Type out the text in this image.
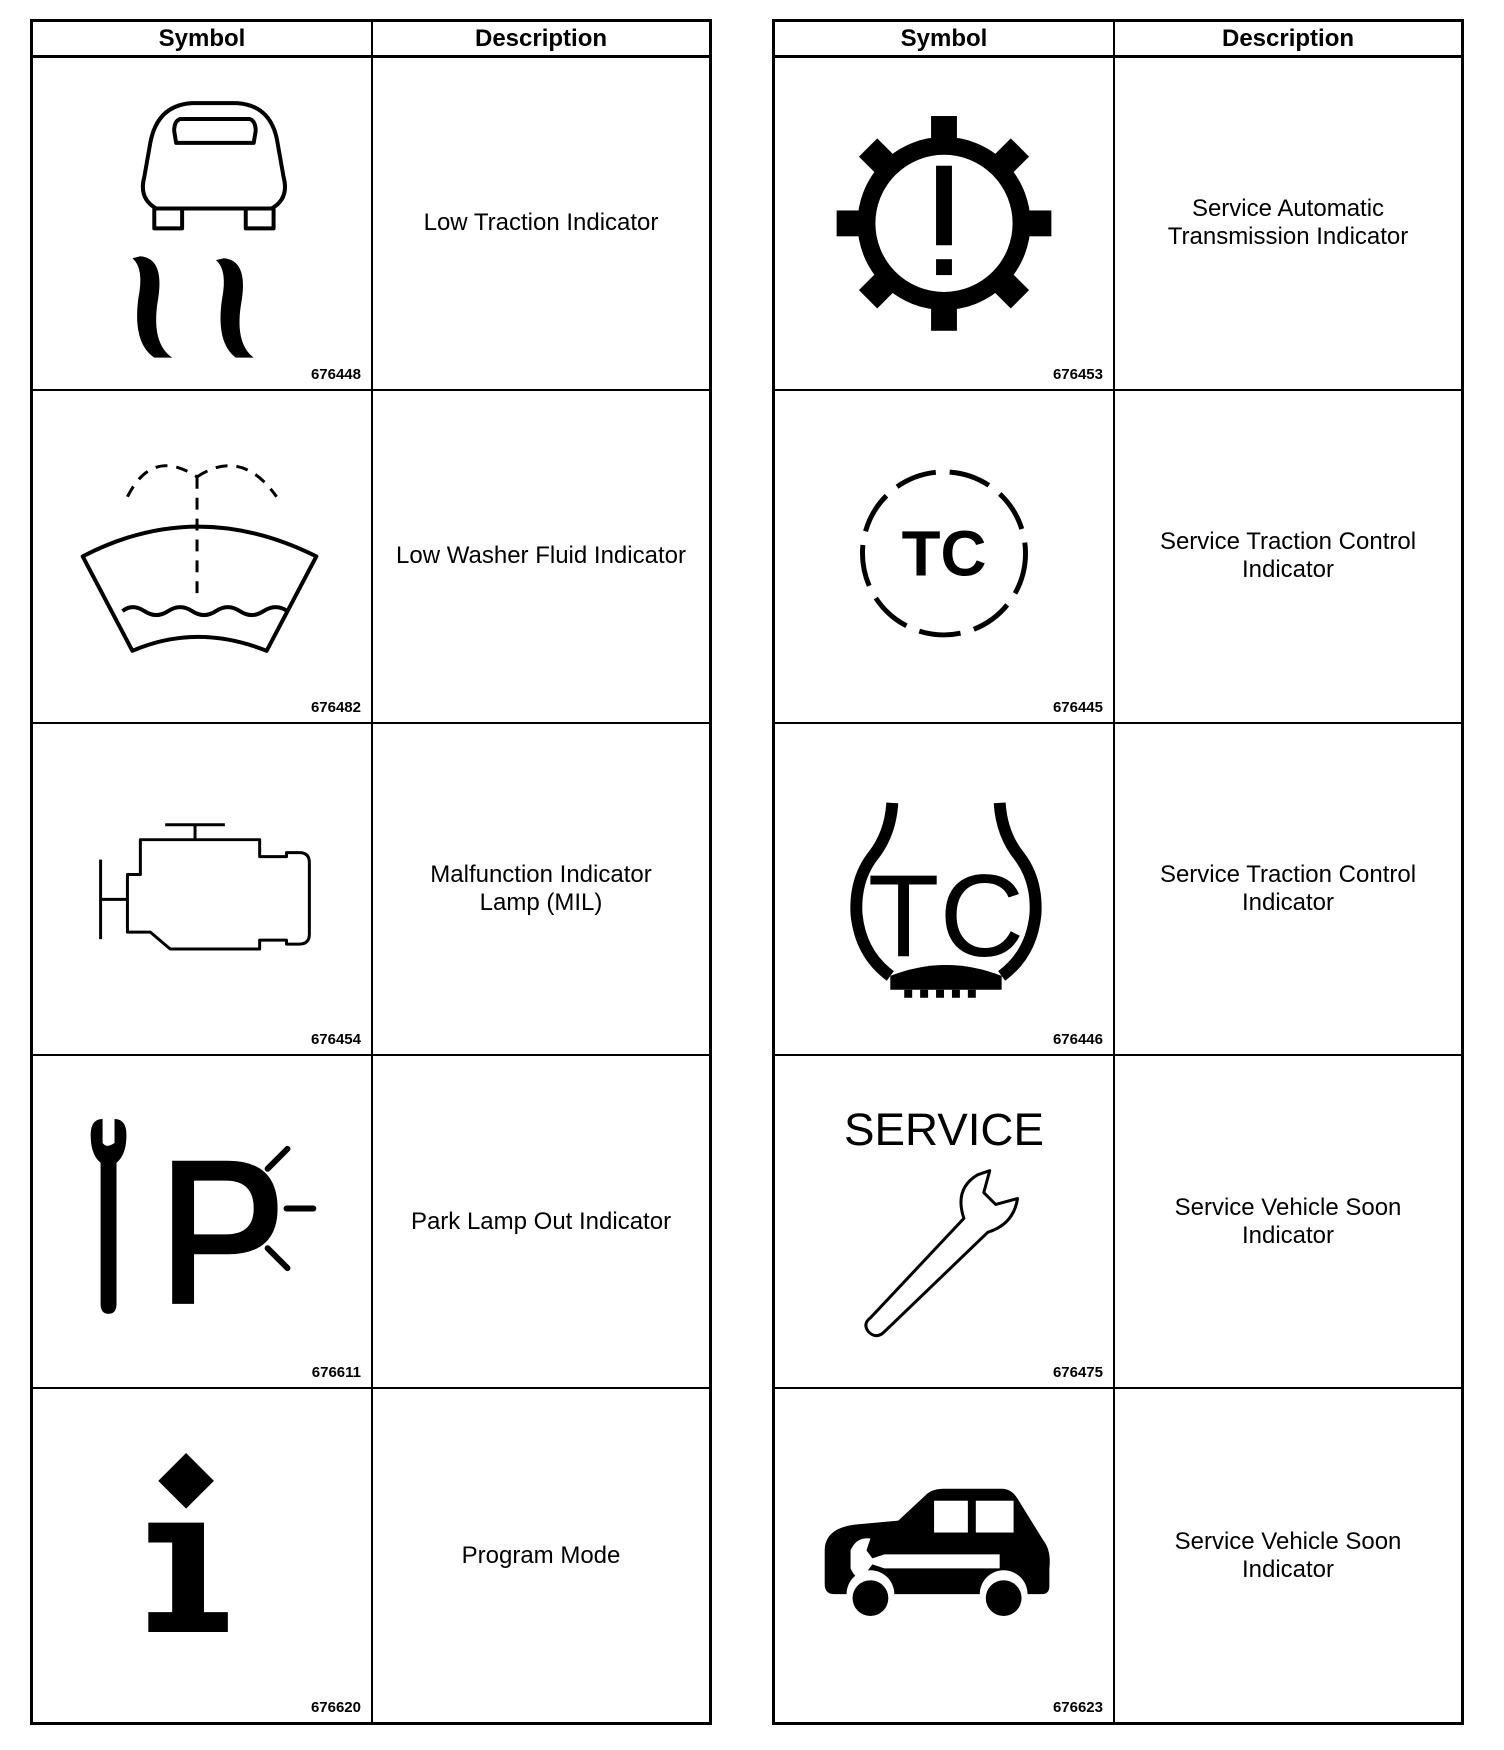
Symbol	Description
676448
Low Traction Indicator
676482
Low Washer Fluid Indicator
676454
Malfunction Indicator
Lamp (MIL)
676611
Park Lamp Out Indicator
676620
Program Mode
Symbol	Description
676453
Service Automatic
Transmission Indicator
TC
676445
Service Traction Control
Indicator
TC
676446
Service Traction Control
Indicator
SERVICE
676475
Service Vehicle Soon
Indicator
676623
Service Vehicle Soon
Indicator
